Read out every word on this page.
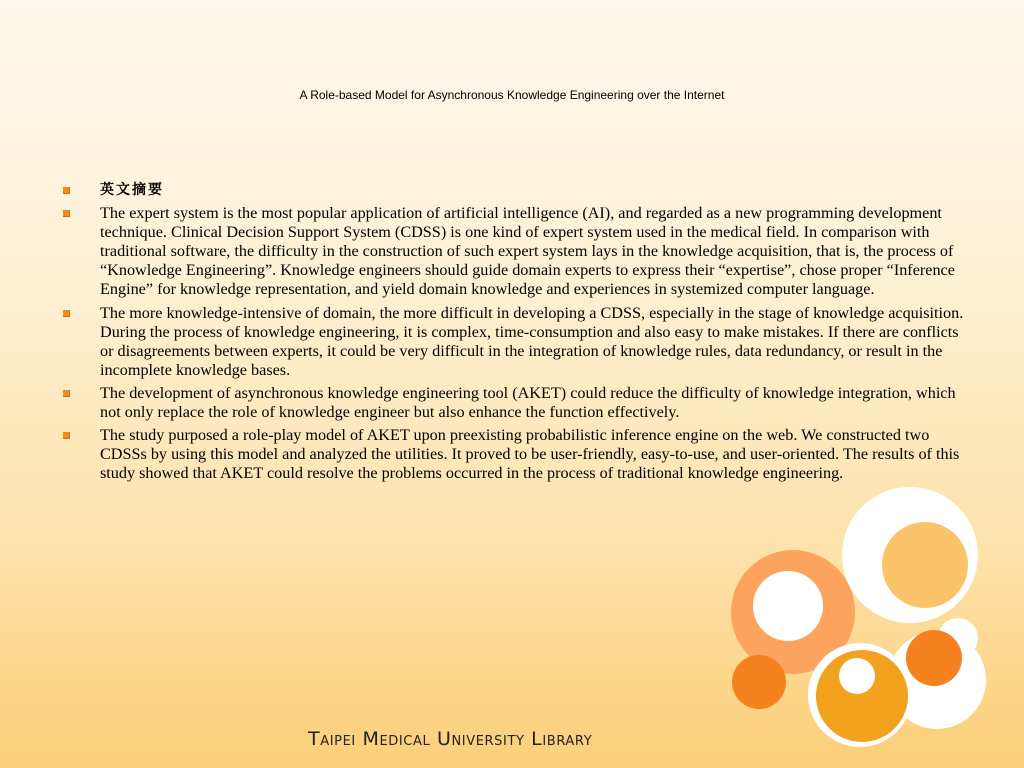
A Role-based Model for Asynchronous Knowledge Engineering over the Internet
英文摘要
The expert system is the most popular application of artificial intelligence (AI), and regarded as a new programming development technique. Clinical Decision Support System (CDSS) is one kind of expert system used in the medical field. In comparison with traditional software, the difficulty in the construction of such expert system lays in the knowledge acquisition, that is, the process of “Knowledge Engineering”. Knowledge engineers should guide domain experts to express their “expertise”, chose proper “Inference Engine” for knowledge representation, and yield domain knowledge and experiences in systemized computer language.
The more knowledge-intensive of domain, the more difficult in developing a CDSS, especially in the stage of knowledge acquisition. During the process of knowledge engineering, it is complex, time-consumption and also easy to make mistakes. If there are conflicts or disagreements between experts, it could be very difficult in the integration of knowledge rules, data redundancy, or result in the incomplete knowledge bases.
The development of asynchronous knowledge engineering tool (AKET) could reduce the difficulty of knowledge integration, which not only replace the role of knowledge engineer but also enhance the function effectively.
The study purposed a role-play model of AKET upon preexisting probabilistic inference engine on the web. We constructed two CDSSs by using this model and analyzed the utilities. It proved to be user-friendly, easy-to-use, and user-oriented. The results of this study showed that AKET could resolve the problems occurred in the process of traditional knowledge engineering.
Taipei Medical University Library
